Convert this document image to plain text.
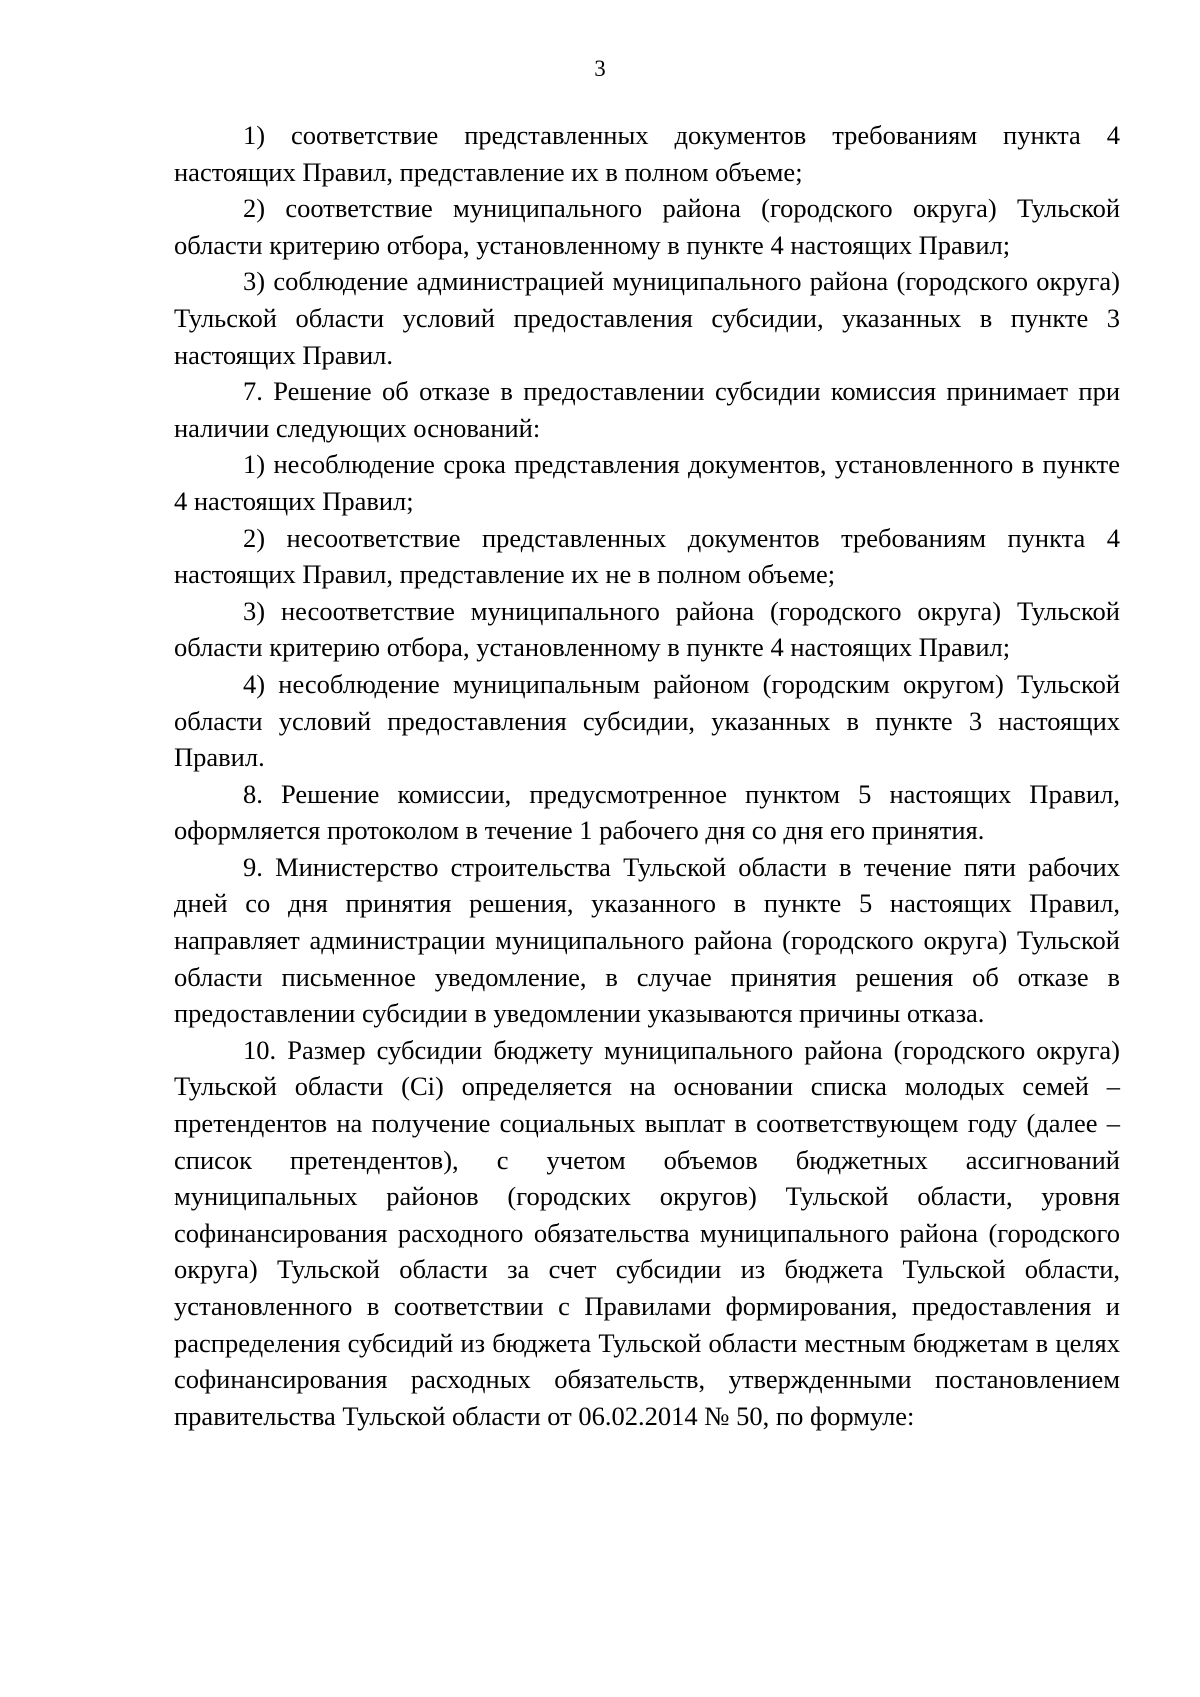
3

1) соответствие представленных документов требованиям пункта 4 настоящих Правил, представление их в полном объеме;

2) соответствие муниципального района (городского округа) Тульской области критерию отбора, установленному в пункте 4 настоящих Правил;

3) соблюдение администрацией муниципального района (городского округа) Тульской области условий предоставления субсидии, указанных в пункте 3 настоящих Правил.

7. Решение об отказе в предоставлении субсидии комиссия принимает при наличии следующих оснований:

1) несоблюдение срока представления документов, установленного в пункте 4 настоящих Правил;

2) несоответствие представленных документов требованиям пункта 4 настоящих Правил, представление их не в полном объеме;

3) несоответствие муниципального района (городского округа) Тульской области критерию отбора, установленному в пункте 4 настоящих Правил;

4) несоблюдение муниципальным районом (городским округом) Тульской области условий предоставления субсидии, указанных в пункте 3 настоящих Правил.

8. Решение комиссии, предусмотренное пунктом 5 настоящих Правил, оформляется протоколом в течение 1 рабочего дня со дня его принятия.

9. Министерство строительства Тульской области в течение пяти рабочих дней со дня принятия решения, указанного в пункте 5 настоящих Правил, направляет администрации муниципального района (городского округа) Тульской области письменное уведомление, в случае принятия решения об отказе в предоставлении субсидии в уведомлении указываются причины отказа.

10. Размер субсидии бюджету муниципального района (городского округа) Тульской области (Ci) определяется на основании списка молодых семей – претендентов на получение социальных выплат в соответствующем году (далее – список претендентов), с учетом объемов бюджетных ассигнований муниципальных районов (городских округов) Тульской области, уровня софинансирования расходного обязательства муниципального района (городского округа) Тульской области за счет субсидии из бюджета Тульской области, установленного в соответствии с Правилами формирования, предоставления и распределения субсидий из бюджета Тульской области местным бюджетам в целях софинансирования расходных обязательств, утвержденными постановлением правительства Тульской области от 06.02.2014 № 50, по формуле:
